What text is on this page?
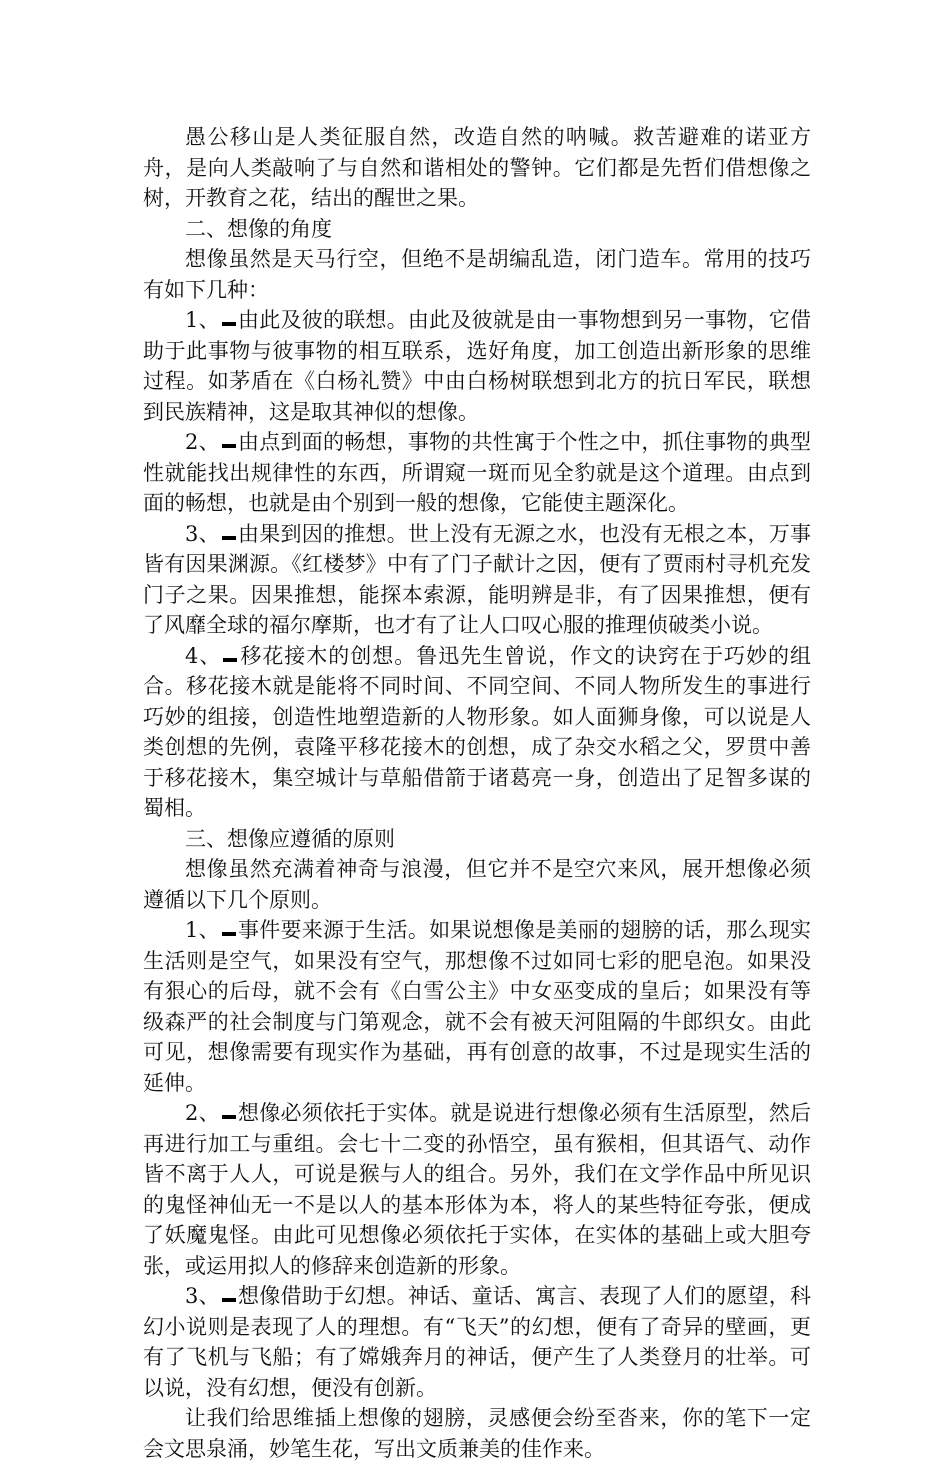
愚公移山是人类征服自然，改造自然的呐喊。救苦避难的诺亚方舟，是向人类敲响了与自然和谐相处的警钟。它们都是先哲们借想像之树，开教育之花，结出的醒世之果。

二、想像的角度

想像虽然是天马行空，但绝不是胡编乱造，闭门造车。常用的技巧有如下几种：

1、 由此及彼的联想。由此及彼就是由一事物想到另一事物，它借助于此事物与彼事物的相互联系，选好角度，加工创造出新形象的思维过程。如茅盾在《白杨礼赞》中由白杨树联想到北方的抗日军民，联想到民族精神，这是取其神似的想像。

2、 由点到面的畅想，事物的共性寓于个性之中，抓住事物的典型性就能找出规律性的东西，所谓窥一斑而见全豹就是这个道理。由点到面的畅想，也就是由个别到一般的想像，它能使主题深化。

3、 由果到因的推想。世上没有无源之水，也没有无根之本，万事皆有因果渊源。《红楼梦》中有了门子献计之因，便有了贾雨村寻机充发门子之果。因果推想，能探本索源，能明辨是非，有了因果推想，便有了风靡全球的福尔摩斯，也才有了让人口叹心服的推理侦破类小说。

4、 移花接木的创想。鲁迅先生曾说，作文的诀窍在于巧妙的组合。移花接木就是能将不同时间、不同空间、不同人物所发生的事进行巧妙的组接，创造性地塑造新的人物形象。如人面狮身像，可以说是人类创想的先例，袁隆平移花接木的创想，成了杂交水稻之父，罗贯中善于移花接木，集空城计与草船借箭于诸葛亮一身，创造出了足智多谋的蜀相。

三、想像应遵循的原则

想像虽然充满着神奇与浪漫，但它并不是空穴来风，展开想像必须遵循以下几个原则。

1、 事件要来源于生活。如果说想像是美丽的翅膀的话，那么现实生活则是空气，如果没有空气，那想像不过如同七彩的肥皂泡。如果没有狠心的后母，就不会有《白雪公主》中女巫变成的皇后；如果没有等级森严的社会制度与门第观念，就不会有被天河阻隔的牛郎织女。由此可见，想像需要有现实作为基础，再有创意的故事，不过是现实生活的延伸。

2、 想像必须依托于实体。就是说进行想像必须有生活原型，然后再进行加工与重组。会七十二变的孙悟空，虽有猴相，但其语气、动作皆不离于人人，可说是猴与人的组合。另外，我们在文学作品中所见识的鬼怪神仙无一不是以人的基本形体为本，将人的某些特征夸张，便成了妖魔鬼怪。由此可见想像必须依托于实体，在实体的基础上或大胆夸张，或运用拟人的修辞来创造新的形象。

3、 想像借助于幻想。神话、童话、寓言、表现了人们的愿望，科幻小说则是表现了人的理想。有“飞天”的幻想，便有了奇异的壁画，更有了飞机与飞船；有了嫦娥奔月的神话，便产生了人类登月的壮举。可以说，没有幻想，便没有创新。

让我们给思维插上想像的翅膀，灵感便会纷至沓来，你的笔下一定会文思泉涌，妙笔生花，写出文质兼美的佳作来。
